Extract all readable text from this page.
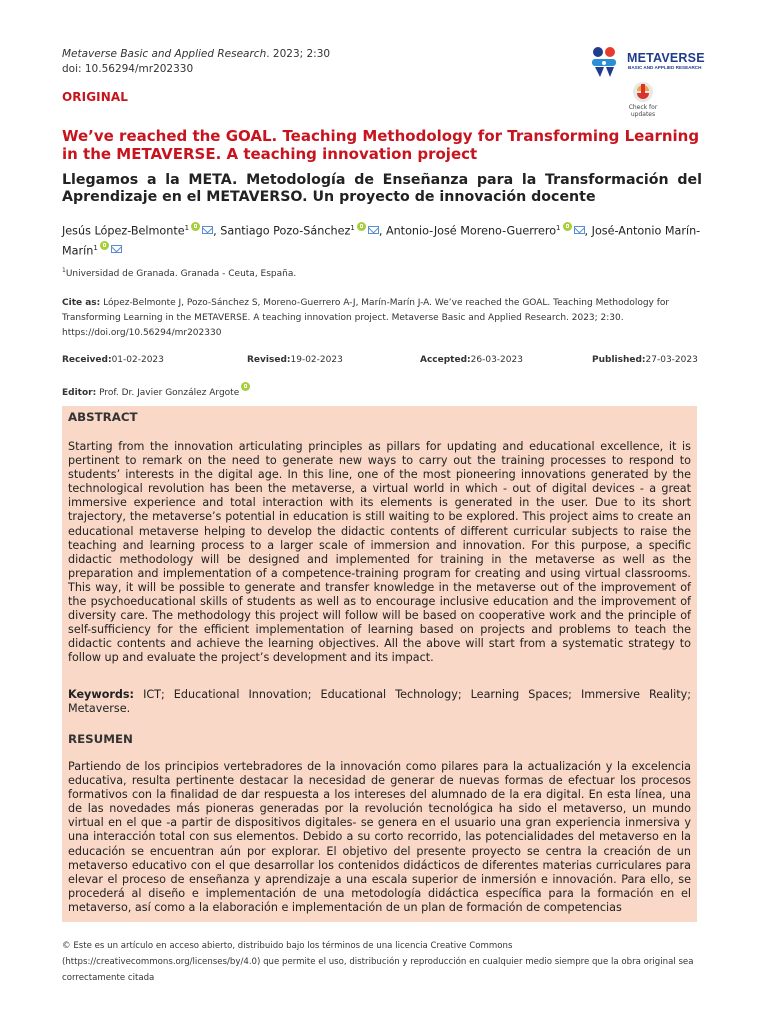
Metaverse Basic and Applied Research. 2023; 2:30
doi: 10.56294/mr202330
METAVERSE
BASIC AND APPLIED RESEARCH
Check for updates
ORIGINAL
We’ve reached the GOAL. Teaching Methodology for Transforming Learning in the METAVERSE. A teaching innovation project
Llegamos a la META. Metodología de Enseñanza para la Transformación del Aprendizaje en el METAVERSO. Un proyecto de innovación docente
Jesús López-Belmonte$^1$ , Santiago Pozo-Sánchez$^1$ , Antonio-José Moreno-Guerrero$^1$ , José-Antonio Marín-Marín$^1$
$^1$Universidad de Granada. Granada - Ceuta, España.
Cite as: López-Belmonte J, Pozo-Sánchez S, Moreno-Guerrero A-J, Marín-Marín J-A. We’ve reached the GOAL. Teaching Methodology for Transforming Learning in the METAVERSE. A teaching innovation project. Metaverse Basic and Applied Research. 2023; 2:30. https://doi.org/10.56294/mr202330
Received: 01-02-2023	Revised: 19-02-2023	Accepted: 26-03-2023	Published: 27-03-2023
Editor: Prof. Dr. Javier González Argote
ABSTRACT
Starting from the innovation articulating principles as pillars for updating and educational excellence, it is pertinent to remark on the need to generate new ways to carry out the training processes to respond to students’ interests in the digital age. In this line, one of the most pioneering innovations generated by the technological revolution has been the metaverse, a virtual world in which - out of digital devices - a great immersive experience and total interaction with its elements is generated in the user. Due to its short trajectory, the metaverse’s potential in education is still waiting to be explored. This project aims to create an educational metaverse helping to develop the didactic contents of different curricular subjects to raise the teaching and learning process to a larger scale of immersion and innovation. For this purpose, a specific didactic methodology will be designed and implemented for training in the metaverse as well as the preparation and implementation of a competence-training program for creating and using virtual classrooms. This way, it will be possible to generate and transfer knowledge in the metaverse out of the improvement of the psychoeducational skills of students as well as to encourage inclusive education and the improvement of diversity care. The methodology this project will follow will be based on cooperative work and the principle of self-sufficiency for the efficient implementation of learning based on projects and problems to teach the didactic contents and achieve the learning objectives. All the above will start from a systematic strategy to follow up and evaluate the project’s development and its impact.
Keywords: ICT; Educational Innovation; Educational Technology; Learning Spaces; Immersive Reality; Metaverse.
RESUMEN
Partiendo de los principios vertebradores de la innovación como pilares para la actualización y la excelencia educativa, resulta pertinente destacar la necesidad de generar de nuevas formas de efectuar los procesos formativos con la finalidad de dar respuesta a los intereses del alumnado de la era digital. En esta línea, una de las novedades más pioneras generadas por la revolución tecnológica ha sido el metaverso, un mundo virtual en el que -a partir de dispositivos digitales- se genera en el usuario una gran experiencia inmersiva y una interacción total con sus elementos. Debido a su corto recorrido, las potencialidades del metaverso en la educación se encuentran aún por explorar. El objetivo del presente proyecto se centra la creación de un metaverso educativo con el que desarrollar los contenidos didácticos de diferentes materias curriculares para elevar el proceso de enseñanza y aprendizaje a una escala superior de inmersión e innovación. Para ello, se procederá al diseño e implementación de una metodología didáctica específica para la formación en el metaverso, así como a la elaboración e implementación de un plan de formación de competencias
© Este es un artículo en acceso abierto, distribuido bajo los términos de una licencia Creative Commons (https://creativecommons.org/licenses/by/4.0) que permite el uso, distribución y reproducción en cualquier medio siempre que la obra original sea correctamente citada
